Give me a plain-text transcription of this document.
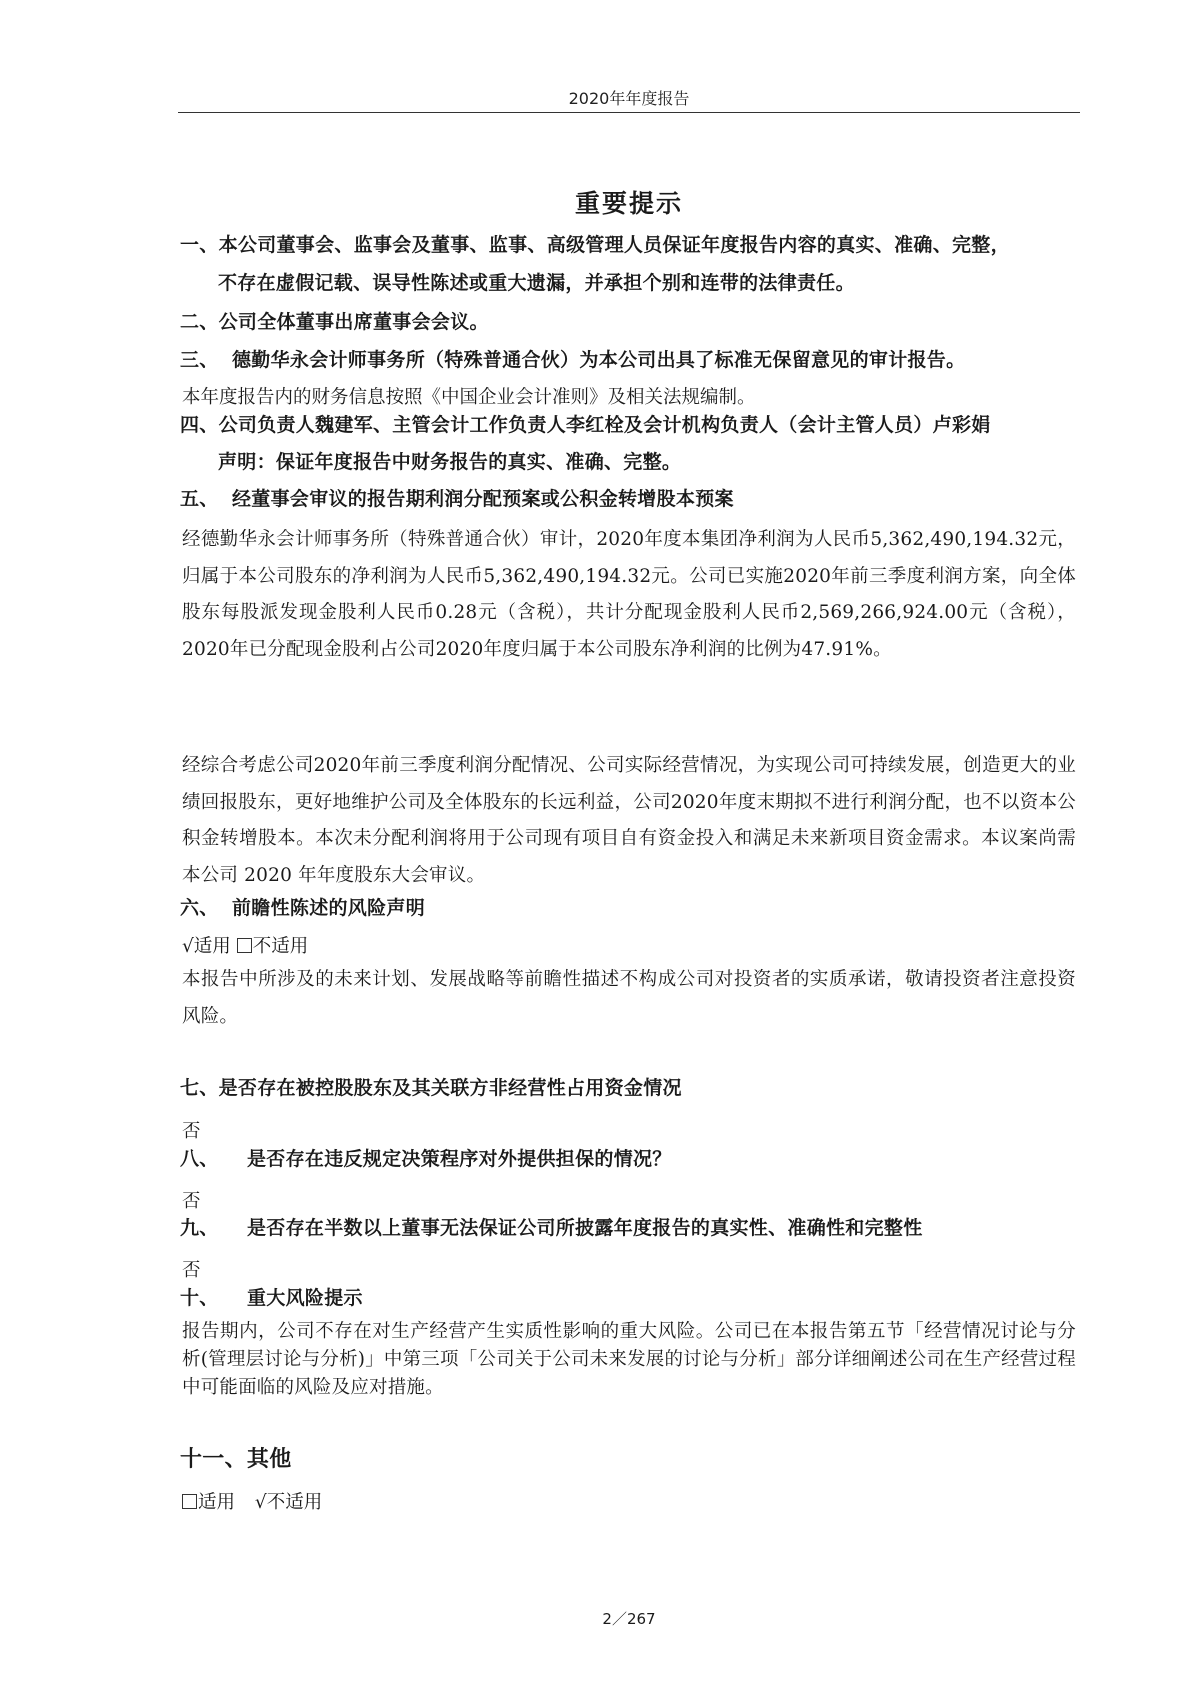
2020年年度报告
重要提示
一、本公司董事会、监事会及董事、监事、高级管理人员保证年度报告内容的真实、准确、完整，
不存在虚假记载、误导性陈述或重大遗漏，并承担个别和连带的法律责任。
二、公司全体董事出席董事会会议。
三、 德勤华永会计师事务所（特殊普通合伙）为本公司出具了标准无保留意见的审计报告。
本年度报告内的财务信息按照《中国企业会计准则》及相关法规编制。
四、公司负责人魏建军、主管会计工作负责人李红栓及会计机构负责人（会计主管人员）卢彩娟
声明：保证年度报告中财务报告的真实、准确、完整。
五、 经董事会审议的报告期利润分配预案或公积金转增股本预案
经德勤华永会计师事务所（特殊普通合伙）审计，2020年度本集团净利润为人民币5,362,490,194.32元，归属于本公司股东的净利润为人民币5,362,490,194.32元。公司已实施2020年前三季度利润方案，向全体股东每股派发现金股利人民币0.28元（含税），共计分配现金股利人民币2,569,266,924.00元（含税），2020年已分配现金股利占公司2020年度归属于本公司股东净利润的比例为47.91%。
经综合考虑公司2020年前三季度利润分配情况、公司实际经营情况，为实现公司可持续发展，创造更大的业绩回报股东，更好地维护公司及全体股东的长远利益，公司2020年度末期拟不进行利润分配，也不以资本公积金转增股本。本次未分配利润将用于公司现有项目自有资金投入和满足未来新项目资金需求。本议案尚需本公司 2020 年年度股东大会审议。
六、 前瞻性陈述的风险声明
√适用 不适用
本报告中所涉及的未来计划、发展战略等前瞻性描述不构成公司对投资者的实质承诺，敬请投资者注意投资风险。
七、是否存在被控股股东及其关联方非经营性占用资金情况
否
八、 是否存在违反规定决策程序对外提供担保的情况？
否
九、 是否存在半数以上董事无法保证公司所披露年度报告的真实性、准确性和完整性
否
十、 重大风险提示
报告期内，公司不存在对生产经营产生实质性影响的重大风险。公司已在本报告第五节「经营情况讨论与分析(管理层讨论与分析)」中第三项「公司关于公司未来发展的讨论与分析」部分详细阐述公司在生产经营过程中可能面临的风险及应对措施。
十一、其他
适用 √不适用
2／267
